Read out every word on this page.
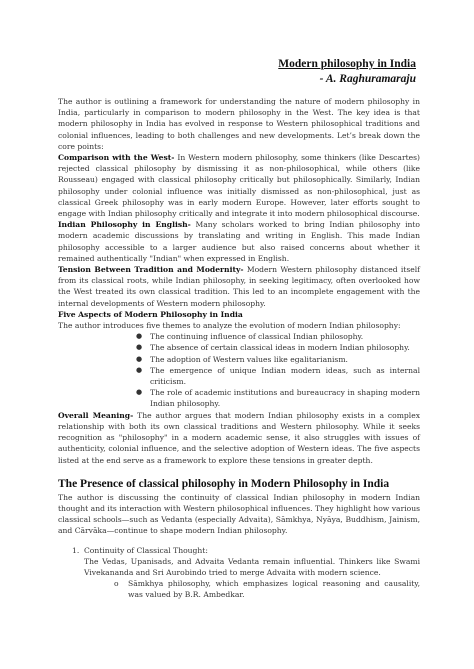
Modern philosophy in India
- A. Raghuramaraju

The author is outlining a framework for understanding the nature of modern philosophy in India, particularly in comparison to modern philosophy in the West. The key idea is that modern philosophy in India has evolved in response to Western philosophical traditions and colonial influences, leading to both challenges and new developments. Let’s break down the core points:

Comparison with the West- In Western modern philosophy, some thinkers (like Descartes) rejected classical philosophy by dismissing it as non-philosophical, while others (like Rousseau) engaged with classical philosophy critically but philosophically. Similarly, Indian philosophy under colonial influence was initially dismissed as non-philosophical, just as classical Greek philosophy was in early modern Europe. However, later efforts sought to engage with Indian philosophy critically and integrate it into modern philosophical discourse.

Indian Philosophy in English- Many scholars worked to bring Indian philosophy into modern academic discussions by translating and writing in English. This made Indian philosophy accessible to a larger audience but also raised concerns about whether it remained authentically "Indian" when expressed in English.

Tension Between Tradition and Modernity- Modern Western philosophy distanced itself from its classical roots, while Indian philosophy, in seeking legitimacy, often overlooked how the West treated its own classical tradition. This led to an incomplete engagement with the internal developments of Western modern philosophy.

Five Aspects of Modern Philosophy in India

The author introduces five themes to analyze the evolution of modern Indian philosophy:

● The continuing influence of classical Indian philosophy.
● The absence of certain classical ideas in modern Indian philosophy.
● The adoption of Western values like egalitarianism.
● The emergence of unique Indian modern ideas, such as internal criticism.
● The role of academic institutions and bureaucracy in shaping modern Indian philosophy.

Overall Meaning- The author argues that modern Indian philosophy exists in a complex relationship with both its own classical traditions and Western philosophy. While it seeks recognition as "philosophy" in a modern academic sense, it also struggles with issues of authenticity, colonial influence, and the selective adoption of Western ideas. The five aspects listed at the end serve as a framework to explore these tensions in greater depth.

The Presence of classical philosophy in Modern Philosophy in India

The author is discussing the continuity of classical Indian philosophy in modern Indian thought and its interaction with Western philosophical influences. They highlight how various classical schools—such as Vedanta (especially Advaita), Sāmkhya, Nyāya, Buddhism, Jainism, and Cārvāka—continue to shape modern Indian philosophy.

1. Continuity of Classical Thought:
The Vedas, Upanisads, and Advaita Vedanta remain influential. Thinkers like Swami Vivekananda and Sri Aurobindo tried to merge Advaita with modern science.
o Sāmkhya philosophy, which emphasizes logical reasoning and causality, was valued by B.R. Ambedkar.
